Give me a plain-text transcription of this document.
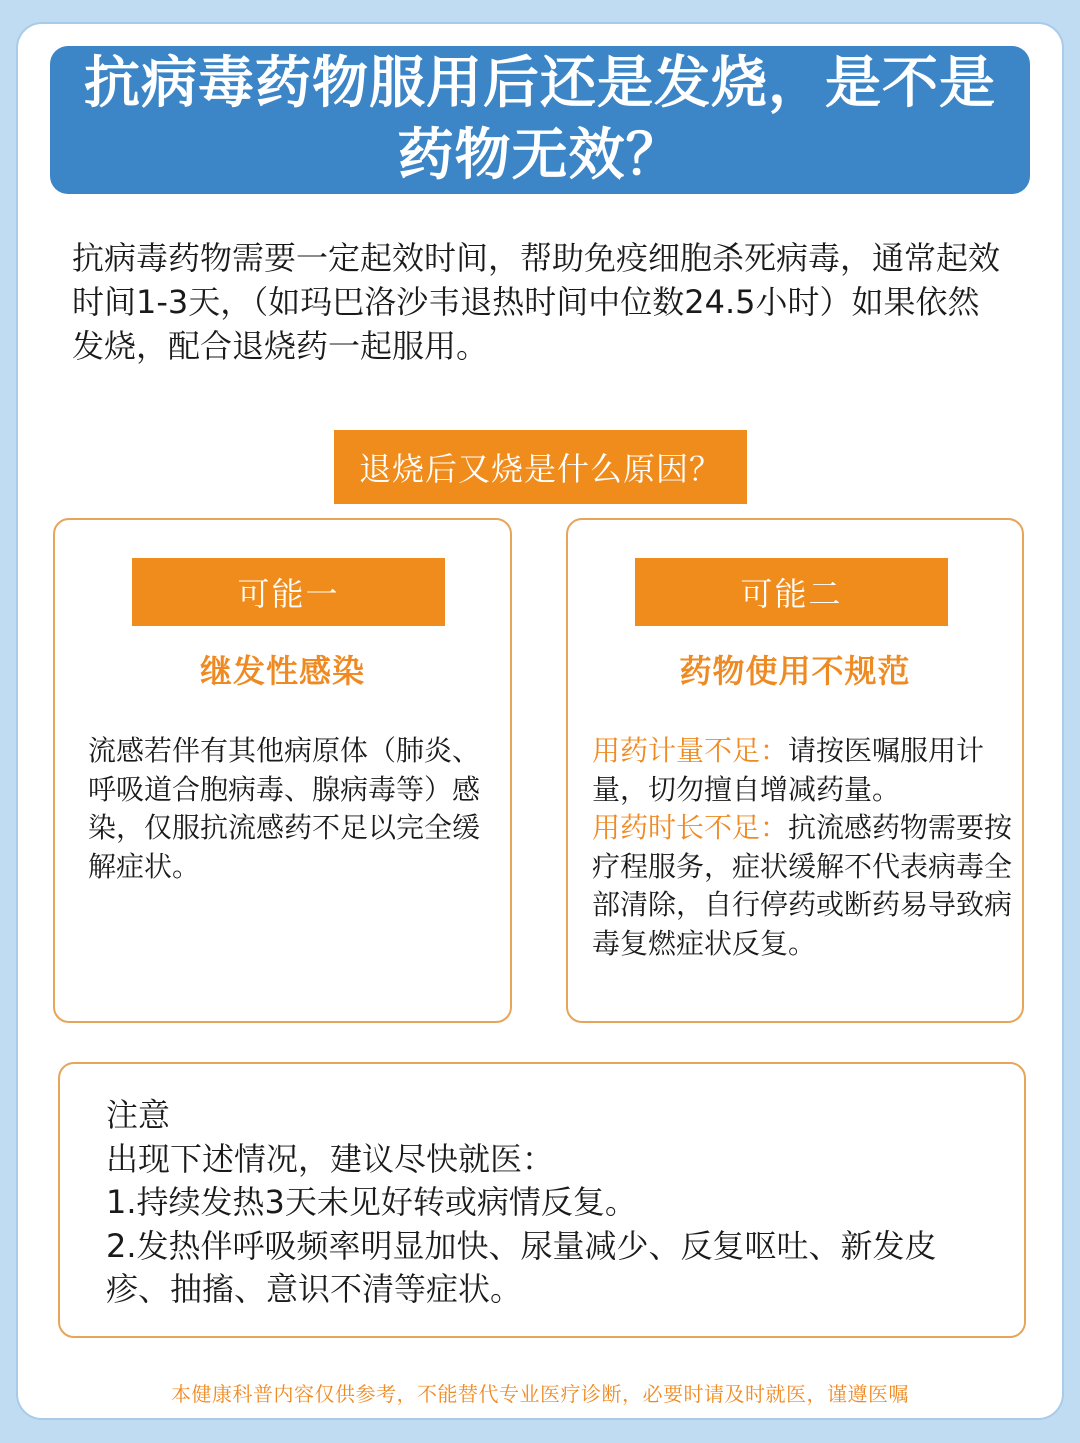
抗病毒药物服用后还是发烧，是不是
药物无效？

抗病毒药物需要一定起效时间，帮助免疫细胞杀死病毒，通常起效时间1-3天，（如玛巴洛沙韦退热时间中位数24.5小时）如果依然发烧，配合退烧药一起服用。

退烧后又烧是什么原因？
可能一
继发性感染

流感若伴有其他病原体（肺炎、呼吸道合胞病毒、腺病毒等）感染，仅服抗流感药不足以完全缓解症状。

可能二
药物使用不规范

用药计量不足：请按医嘱服用计量，切勿擅自增减药量。
用药时长不足：抗流感药物需要按疗程服务，症状缓解不代表病毒全部清除，自行停药或断药易导致病毒复燃症状反复。

注意
出现下述情况，建议尽快就医：
1.持续发热3天未见好转或病情反复。
2.发热伴呼吸频率明显加快、尿量减少、反复呕吐、新发皮疹、抽搐、意识不清等症状。

本健康科普内容仅供参考，不能替代专业医疗诊断，必要时请及时就医，谨遵医嘱
